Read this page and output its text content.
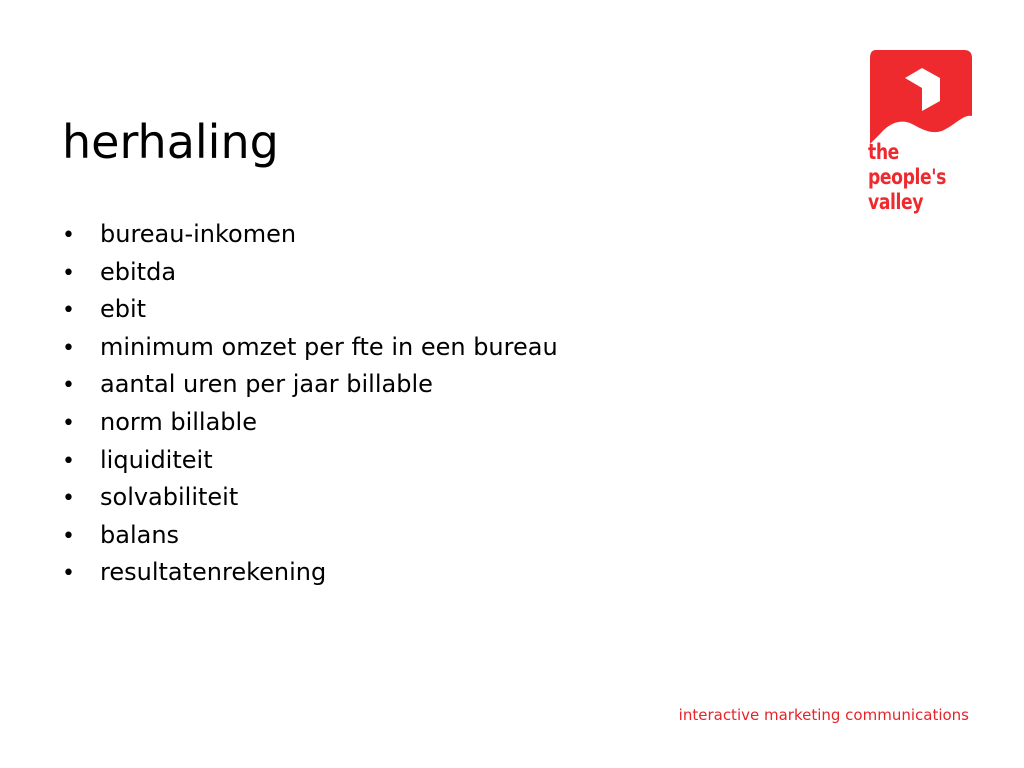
herhaling
•	bureau-inkomen
•	ebitda
•	ebit
•	minimum omzet per fte in een bureau
•	aantal uren per jaar billable
•	norm billable
•	liquiditeit
•	solvabiliteit
•	balans
•	resultatenrekening
the
people's
valley
interactive marketing communications
